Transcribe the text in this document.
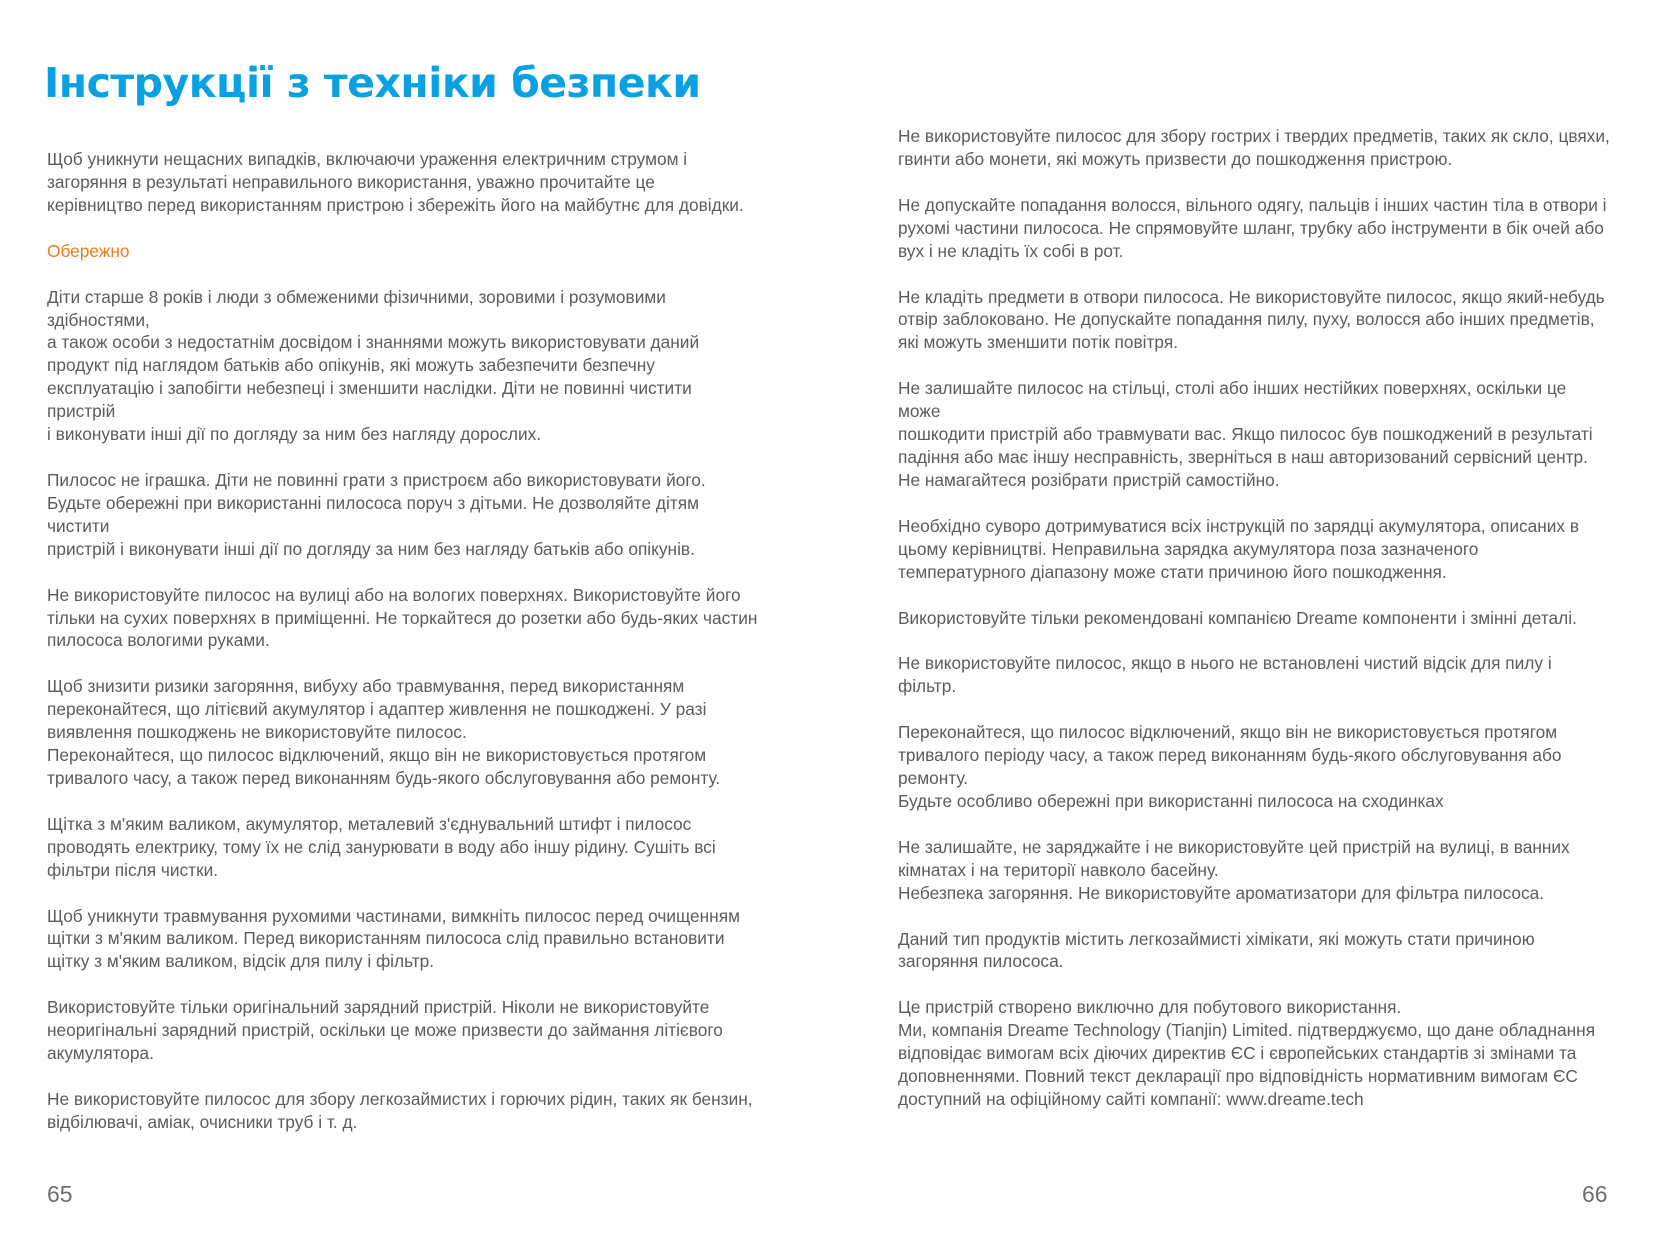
Інструкції з техніки безпеки

Щоб уникнути нещасних випадків, включаючи ураження електричним струмом і
загоряння в результаті неправильного використання, уважно прочитайте це
керівництво перед використанням пристрою і збережіть його на майбутнє для довідки.

Обережно

Діти старше 8 років і люди з обмеженими фізичними, зоровими і розумовими здібностями,
а також особи з недостатнім досвідом і знаннями можуть використовувати даний
продукт під наглядом батьків або опікунів, які можуть забезпечити безпечну
експлуатацію і запобігти небезпеці і зменшити наслідки. Діти не повинні чистити пристрій
і виконувати інші дії по догляду за ним без нагляду дорослих.

Пилосос не іграшка. Діти не повинні грати з пристроєм або використовувати його.
Будьте обережні при використанні пилососа поруч з дітьми. Не дозволяйте дітям чистити
пристрій і виконувати інші дії по догляду за ним без нагляду батьків або опікунів.

Не використовуйте пилосос на вулиці або на вологих поверхнях. Використовуйте його
тільки на сухих поверхнях в приміщенні. Не торкайтеся до розетки або будь-яких частин
пилососа вологими руками.

Щоб знизити ризики загоряння, вибуху або травмування, перед використанням
переконайтеся, що літієвий акумулятор і адаптер живлення не пошкоджені. У разі
виявлення пошкоджень не використовуйте пилосос.
Переконайтеся, що пилосос відключений, якщо він не використовується протягом
тривалого часу, а також перед виконанням будь-якого обслуговування або ремонту.

Щітка з м'яким валиком, акумулятор, металевий з'єднувальний штифт і пилосос
проводять електрику, тому їх не слід занурювати в воду або іншу рідину. Сушіть всі
фільтри після чистки.

Щоб уникнути травмування рухомими частинами, вимкніть пилосос перед очищенням
щітки з м'яким валиком. Перед використанням пилососа слід правильно встановити
щітку з м'яким валиком, відсік для пилу і фільтр.

Використовуйте тільки оригінальний зарядний пристрій. Ніколи не використовуйте
неоригінальні зарядний пристрій, оскільки це може призвести до займання літієвого
акумулятора.

Не використовуйте пилосос для збору легкозаймистих і горючих рідин, таких як бензин,
відбілювачі, аміак, очисники труб і т. д.

Не використовуйте пилосос для збору гострих і твердих предметів, таких як скло, цвяхи,
гвинти або монети, які можуть призвести до пошкодження пристрою.

Не допускайте попадання волосся, вільного одягу, пальців і інших частин тіла в отвори і
рухомі частини пилососа. Не спрямовуйте шланг, трубку або інструменти в бік очей або
вух і не кладіть їх собі в рот.

Не кладіть предмети в отвори пилососа. Не використовуйте пилосос, якщо який-небудь
отвір заблоковано. Не допускайте попадання пилу, пуху, волосся або інших предметів,
які можуть зменшити потік повітря.

Не залишайте пилосос на стільці, столі або інших нестійких поверхнях, оскільки це може
пошкодити пристрій або травмувати вас. Якщо пилосос був пошкоджений в результаті
падіння або має іншу несправність, зверніться в наш авторизований сервісний центр.
Не намагайтеся розібрати пристрій самостійно.

Необхідно суворо дотримуватися всіх інструкцій по зарядці акумулятора, описаних в
цьому керівництві. Неправильна зарядка акумулятора поза зазначеного
температурного діапазону може стати причиною його пошкодження.

Використовуйте тільки рекомендовані компанією Dreame компоненти і змінні деталі.

Не використовуйте пилосос, якщо в нього не встановлені чистий відсік для пилу і фільтр.

Переконайтеся, що пилосос відключений, якщо він не використовується протягом
тривалого періоду часу, а також перед виконанням будь-якого обслуговування або
ремонту.
Будьте особливо обережні при використанні пилососа на сходинках

Не залишайте, не заряджайте і не використовуйте цей пристрій на вулиці, в ванних
кімнатах і на території навколо басейну.
Небезпека загоряння. Не використовуйте ароматизатори для фільтра пилососа.

Даний тип продуктів містить легкозаймисті хімікати, які можуть стати причиною
загоряння пилососа.

Це пристрій створено виключно для побутового використання.
Ми, компанія Dreame Technology (Tianjin) Limited. підтверджуємо, що дане обладнання
відповідає вимогам всіх діючих директив ЄС і європейських стандартів зі змінами та
доповненнями. Повний текст декларації про відповідність нормативним вимогам ЄС
доступний на офіційному сайті компанії: www.dreame.tech

65	66
